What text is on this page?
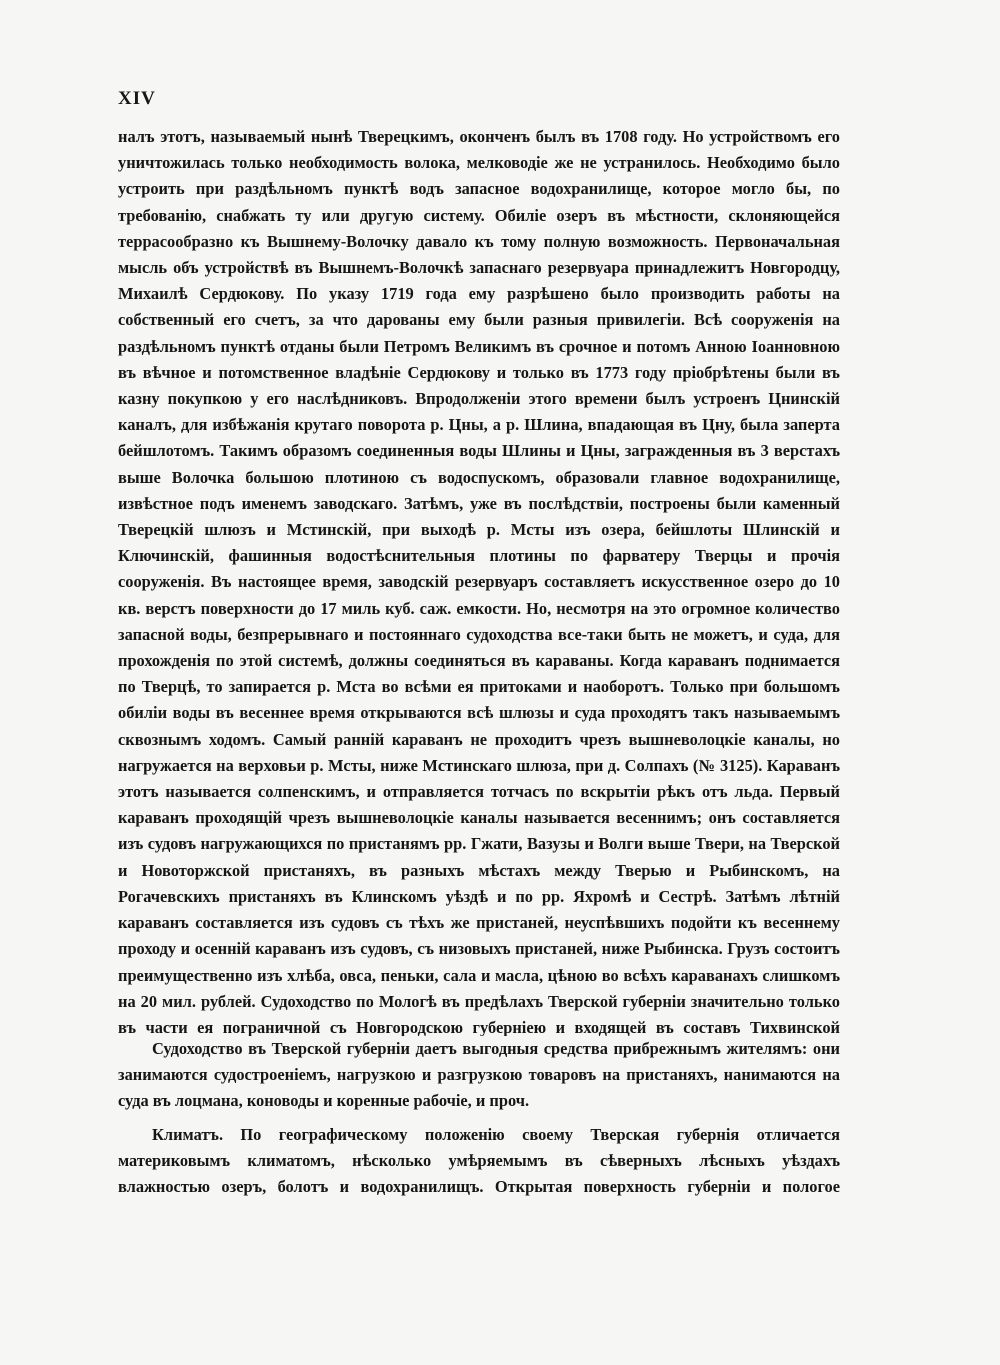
XIV

налъ этотъ, называемый нынѣ Тверецкимъ, оконченъ былъ въ 1708 году. Но устройствомъ его уничтожилась только необходимость волока, мелководіе же не устранилось. Необходимо было устроить при раздѣльномъ пунктѣ водъ запасное водохранилище, которое могло бы, по требованію, снабжать ту или другую систему. Обиліе озеръ въ мѣстности, склоняющейся террасообразно къ Вышнему-Волочку давало къ тому полную возможность. Первоначальная мысль объ устройствѣ въ Вышнемъ-Волочкѣ запаснаго резервуара принадлежитъ Новгородцу, Михаилѣ Сердюкову. По указу 1719 года ему разрѣшено было производить работы на собственный его счетъ, за что дарованы ему были разныя привилегіи. Всѣ сооруженія на раздѣльномъ пунктѣ отданы были Петромъ Великимъ въ срочное и потомъ Анною Іоанновною въ вѣчное и потомственное владѣніе Сердюкову и только въ 1773 году пріобрѣтены были въ казну покупкою у его наслѣдниковъ. Впродолженіи этого времени былъ устроенъ Цнинскій каналъ, для избѣжанія крутаго поворота р. Цны, а р. Шлина, впадающая въ Цну, была заперта бейшлотомъ. Такимъ образомъ соединенныя воды Шлины и Цны, загражденныя въ 3 верстахъ выше Волочка большою плотиною съ водоспускомъ, образовали главное водохранилище, извѣстное подъ именемъ заводскаго. Затѣмъ, уже въ послѣдствіи, построены были каменный Тверецкій шлюзъ и Мстинскій, при выходѣ р. Мсты изъ озера, бейшлоты Шлинскій и Ключинскій, фашинныя водостѣснительныя плотины по фарватеру Тверцы и прочія сооруженія. Въ настоящее время, заводскій резервуаръ составляетъ искусственное озеро до 10 кв. верстъ поверхности до 17 миль куб. саж. емкости. Но, несмотря на это огромное количество запасной воды, безпрерывнаго и постояннаго судоходства все-таки быть не можетъ, и суда, для прохожденія по этой системѣ, должны соединяться въ караваны. Когда караванъ поднимается по Тверцѣ, то запирается р. Мста во всѣми ея притоками и наоборотъ. Только при большомъ обиліи воды въ весеннее время открываются всѣ шлюзы и суда проходятъ такъ называемымъ сквознымъ ходомъ. Самый ранній караванъ не проходитъ чрезъ вышневолоцкіе каналы, но нагружается на верховьи р. Мсты, ниже Мстинскаго шлюза, при д. Солпахъ (№ 3125). Караванъ этотъ называется солпенскимъ, и отправляется тотчасъ по вскрытіи рѣкъ отъ льда. Первый караванъ проходящій чрезъ вышневолоцкіе каналы называется весеннимъ; онъ составляется изъ судовъ нагружающихся по пристанямъ рр. Гжати, Вазузы и Волги выше Твери, на Тверской и Новоторжской пристаняхъ, въ разныхъ мѣстахъ между Тверью и Рыбинскомъ, на Рогачевскихъ пристаняхъ въ Клинскомъ уѣздѣ и по рр. Яхромѣ и Сестрѣ. Затѣмъ лѣтній караванъ составляется изъ судовъ съ тѣхъ же пристаней, неуспѣвшихъ подойти къ весеннему проходу и осенній караванъ изъ судовъ, съ низовыхъ пристаней, ниже Рыбинска. Грузъ состоитъ преимущественно изъ хлѣба, овса, пеньки, сала и масла, цѣною во всѣхъ караванахъ слишкомъ на 20 мил. рублей. Судоходство по Мологѣ въ предѣлахъ Тверской губерніи значительно только въ части ея пограничной съ Новгородскою губерніею и входящей въ составъ Тихвинской

Судоходство въ Тверской губерніи даетъ выгодныя средства прибрежнымъ жителямъ: они занимаются судостроеніемъ, нагрузкою и разгрузкою товаровъ на пристаняхъ, нанимаются на суда въ лоцмана, коноводы и коренные рабочіе, и проч.

Климатъ. По географическому положенію своему Тверская губернія отличается материковымъ климатомъ, нѣсколько умѣряемымъ въ сѣверныхъ лѣсныхъ уѣздахъ влажностью озеръ, болотъ и водохранилищъ. Открытая поверхность губерніи и пологое
